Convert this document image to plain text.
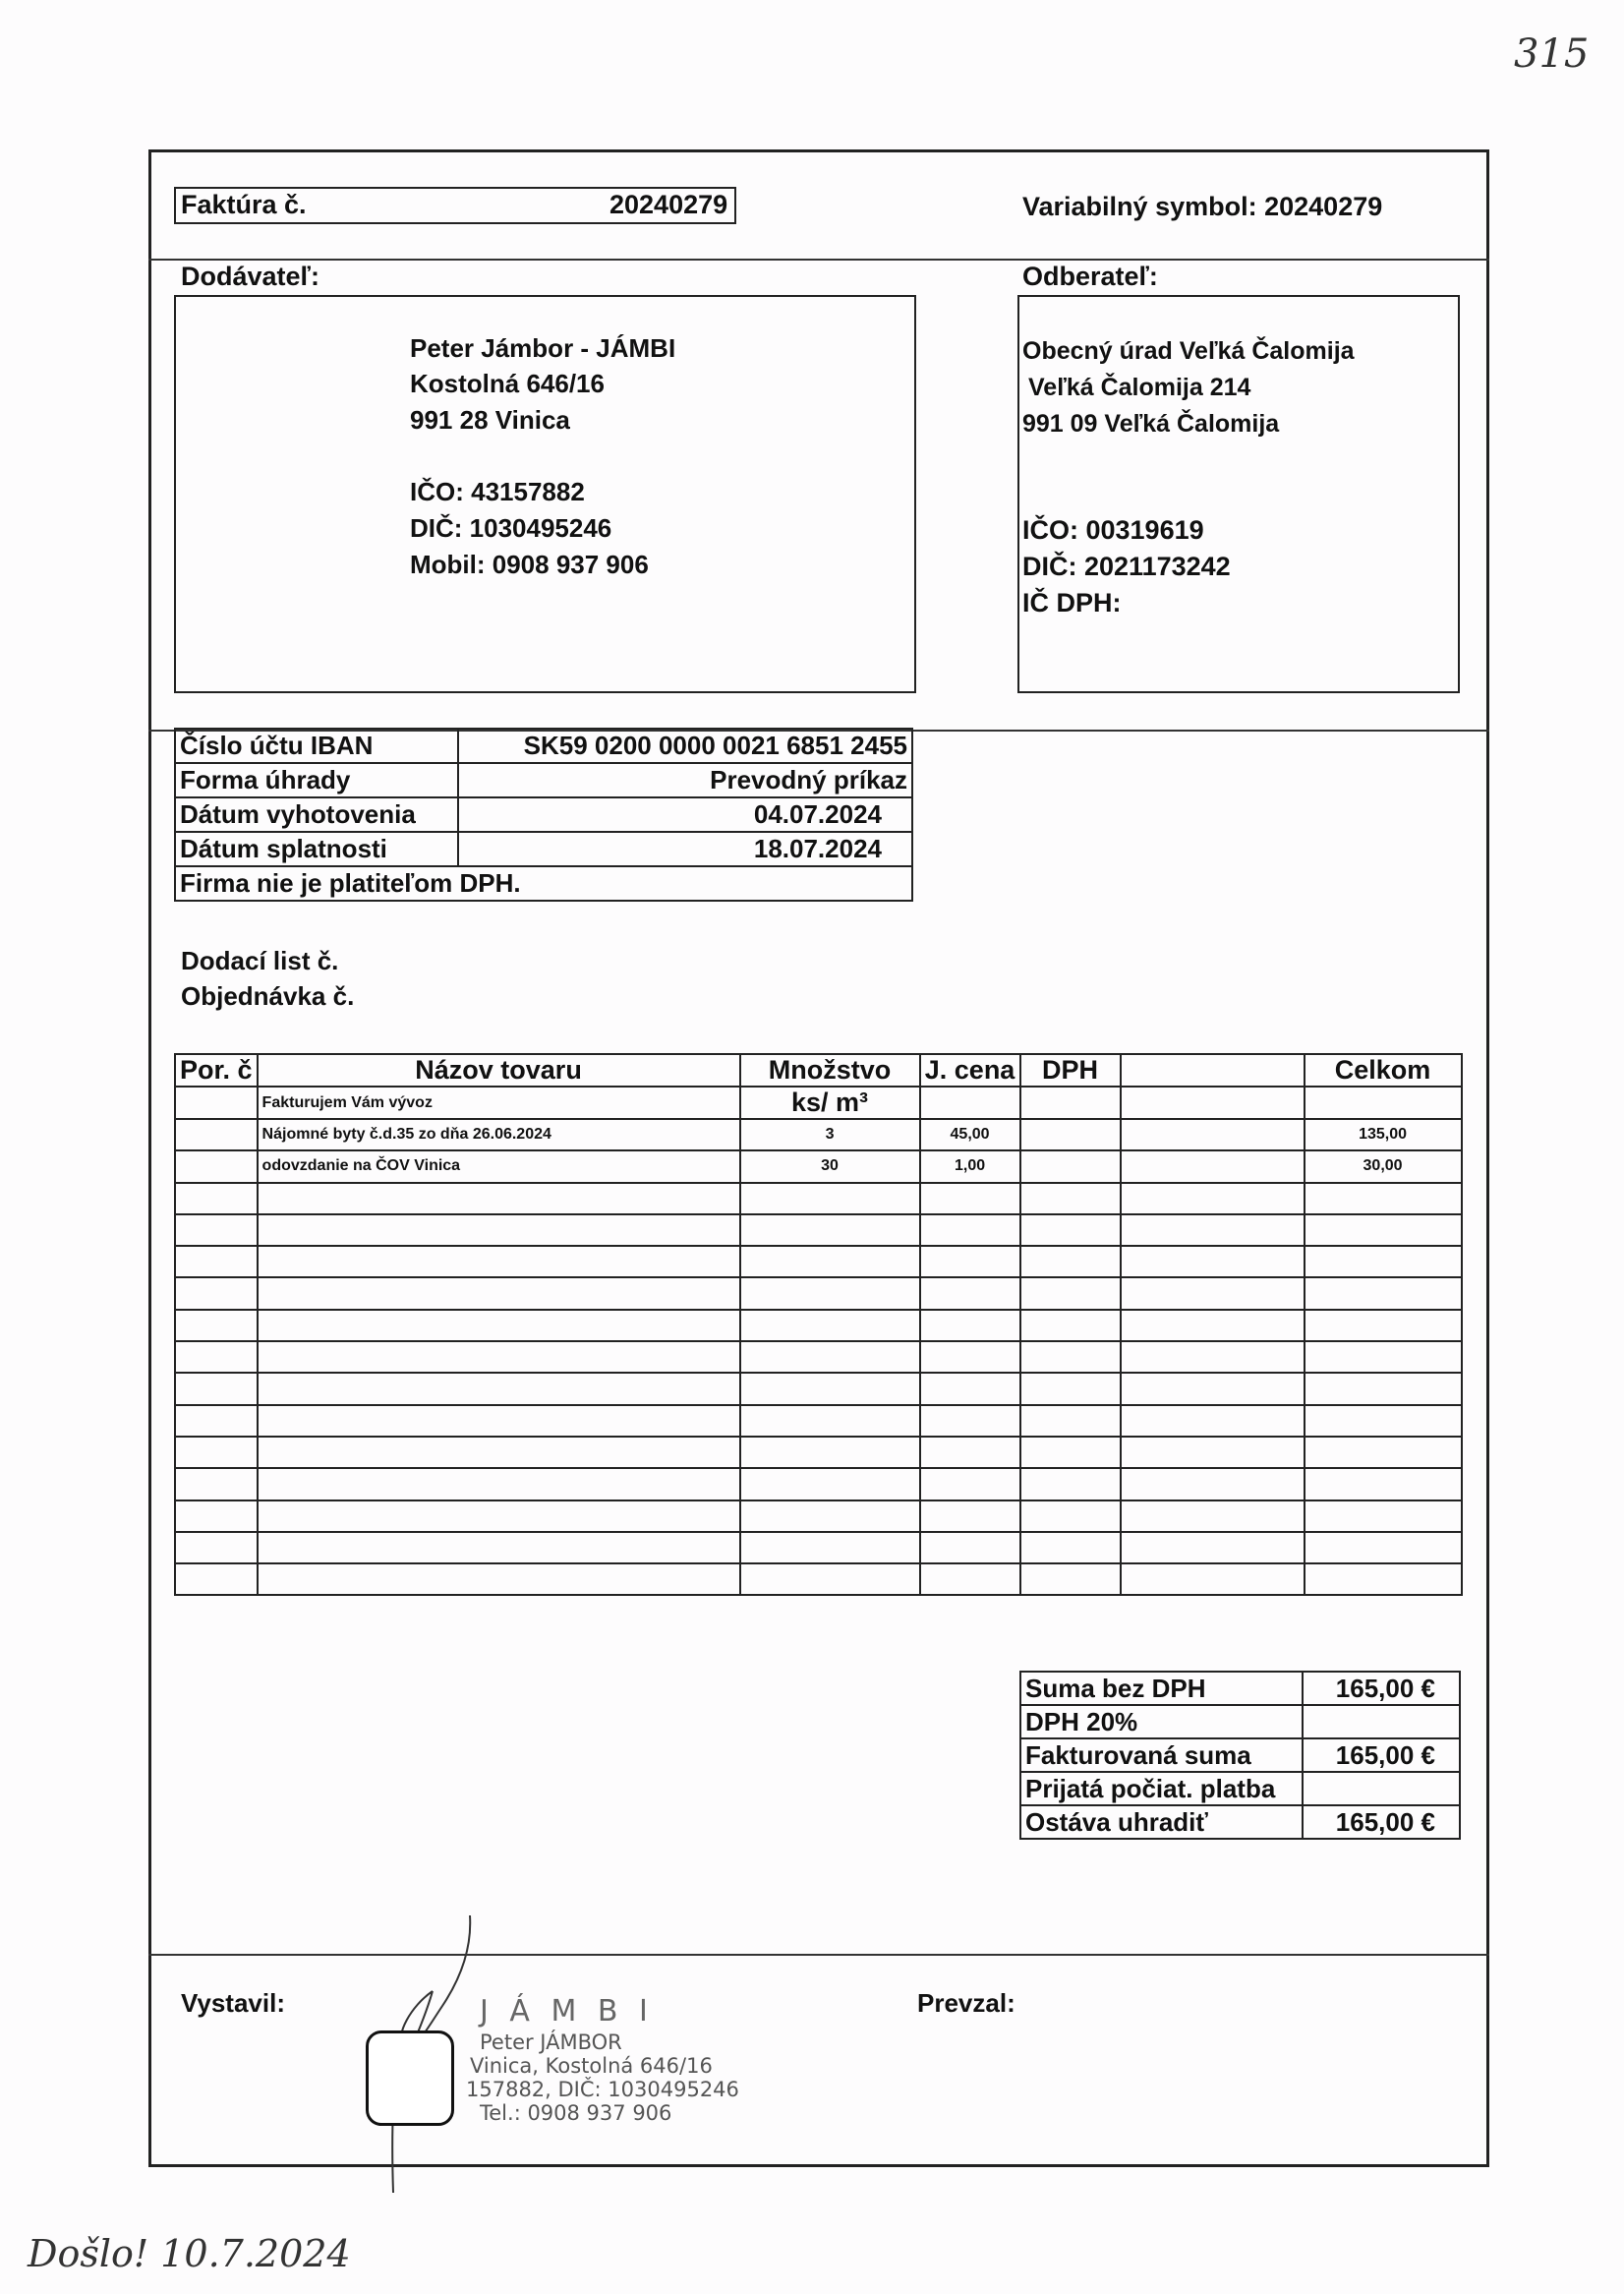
315
Faktúra č.	20240279	Variabilný symbol: 20240279
Dodávateľ:
Peter Jámbor - JÁMBI
Kostolná 646/16
991 28 Vinica
IČO: 43157882
DIČ: 1030495246
Mobil: 0908 937 906
Odberateľ:
Obecný úrad Veľká Čalomija
Veľká Čalomija 214
991 09 Veľká Čalomija
IČO: 00319619
DIČ: 2021173242
IČ DPH:
Číslo účtu IBAN	SK59 0200 0000 0021 6851 2455
Forma úhrady	Prevodný príkaz
Dátum vyhotovenia	04.07.2024
Dátum splatnosti	18.07.2024
Firma nie je platiteľom DPH.	
Dodací list č.
Objednávka č.
Por. č	Názov tovaru	Množstvo	J. cena	DPH		Celkom
	Fakturujem Vám vývoz	ks/ m³				
	Nájomné byty č.d.35 zo dňa 26.06.2024	3	45,00			135,00
	odovzdanie na ČOV Vinica	30	1,00			30,00

Suma bez DPH	165,00 €
DPH 20%	
Fakturovaná suma	165,00 €
Prijatá počiat. platba	
Ostáva uhradiť	165,00 €
Vystavil:	Prevzal:
J Á M B I
Peter JÁMBOR
Vinica, Kostolná 646/16
157882, DIČ: 1030495246
Tel.: 0908 937 906
Došlo! 10.7.2024
